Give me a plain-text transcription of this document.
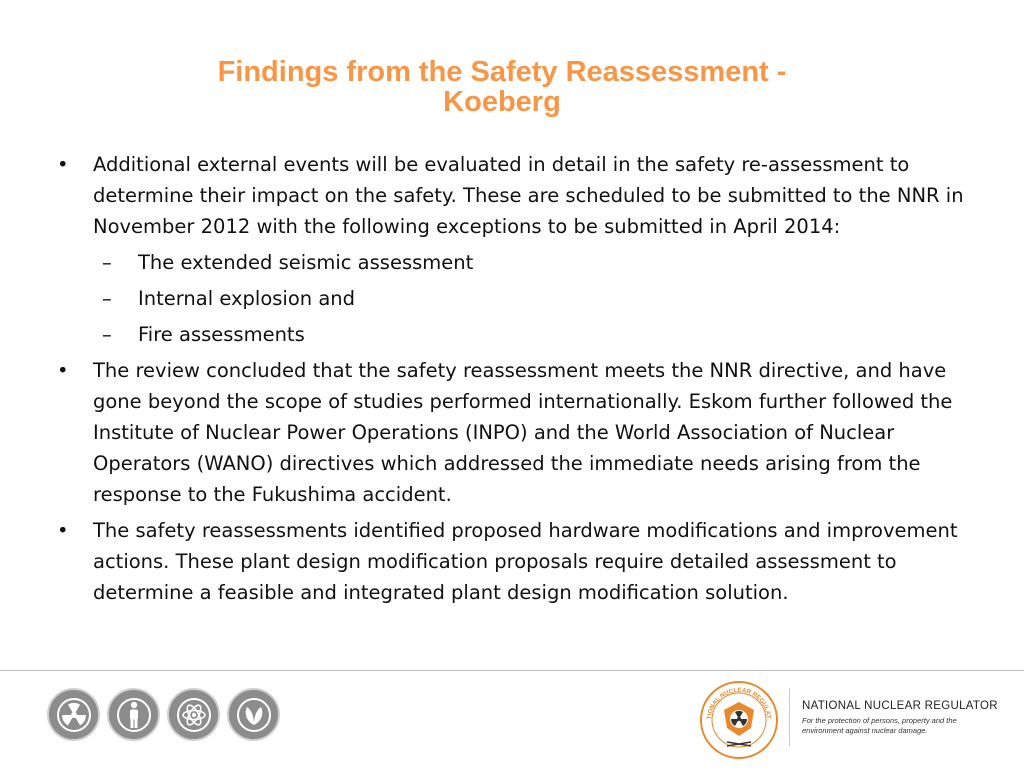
Findings from the Safety Reassessment -
Koeberg
• Additional external events will be evaluated in detail in the safety re-assessment to determine their impact on the safety. These are scheduled to be submitted to the NNR in November 2012 with the following exceptions to be submitted in April 2014:
– The extended seismic assessment
– Internal explosion and
– Fire assessments
• The review concluded that the safety reassessment meets the NNR directive, and have gone beyond the scope of studies performed internationally. Eskom further followed the Institute of Nuclear Power Operations (INPO) and the World Association of Nuclear Operators (WANO) directives which addressed the immediate needs arising from the response to the Fukushima accident.
• The safety reassessments identified proposed hardware modifications and improvement actions. These plant design modification proposals require detailed assessment to determine a feasible and integrated plant design modification solution.
TIONAL NUCLEAR REGULAT
NATIONAL NUCLEAR REGULATOR
For the protection of persons, property and the environment against nuclear damage.
